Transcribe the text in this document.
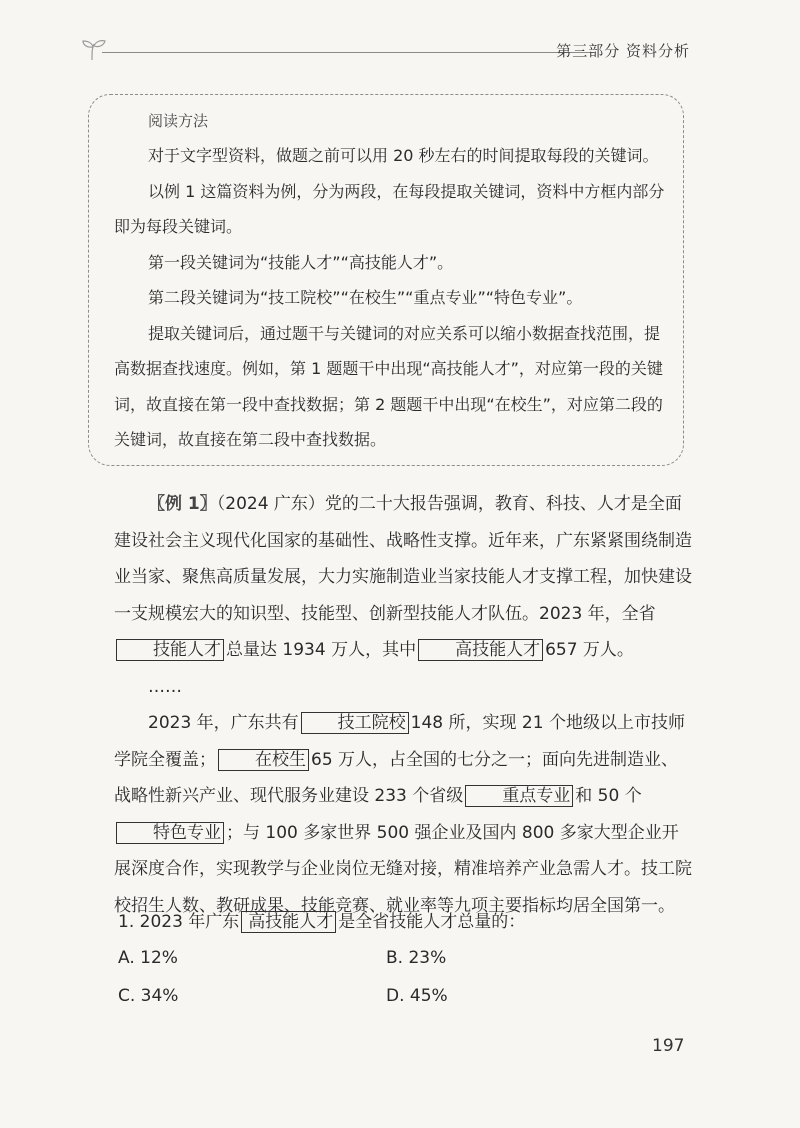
第三部分 资料分析
阅读方法

对于文字型资料，做题之前可以用 20 秒左右的时间提取每段的关键词。

以例 1 这篇资料为例，分为两段，在每段提取关键词，资料中方框内部分即为每段关键词。

第一段关键词为“技能人才”“高技能人才”。

第二段关键词为“技工院校”“在校生”“重点专业”“特色专业”。

提取关键词后，通过题干与关键词的对应关系可以缩小数据查找范围，提高数据查找速度。例如，第 1 题题干中出现“高技能人才”，对应第一段的关键词，故直接在第一段中查找数据；第 2 题题干中出现“在校生”，对应第二段的关键词，故直接在第二段中查找数据。

〖例 1〗（2024 广东）党的二十大报告强调，教育、科技、人才是全面建设社会主义现代化国家的基础性、战略性支撑。近年来，广东紧紧围绕制造业当家、聚焦高质量发展，大力实施制造业当家技能人才支撑工程，加快建设一支规模宏大的知识型、技能型、创新型技能人才队伍。2023 年，全省技能人才 总量达 1934 万人，其中 高技能人才 657 万人。

……

2023 年，广东共有 技工院校 148 所，实现 21 个地级以上市技师学院全覆盖； 在校生 65 万人，占全国的七分之一；面向先进制造业、战略性新兴产业、现代服务业建设 233 个省级 重点专业 和 50 个特色专业 ；与 100 多家世界 500 强企业及国内 800 多家大型企业开展深度合作，实现教学与企业岗位无缝对接，精准培养产业急需人才。技工院校招生人数、教研成果、技能竞赛、就业率等九项主要指标均居全国第一。

1. 2023 年广东 高技能人才 是全省技能人才总量的：
A. 12%	B. 23%
C. 34%	D. 45%
197
